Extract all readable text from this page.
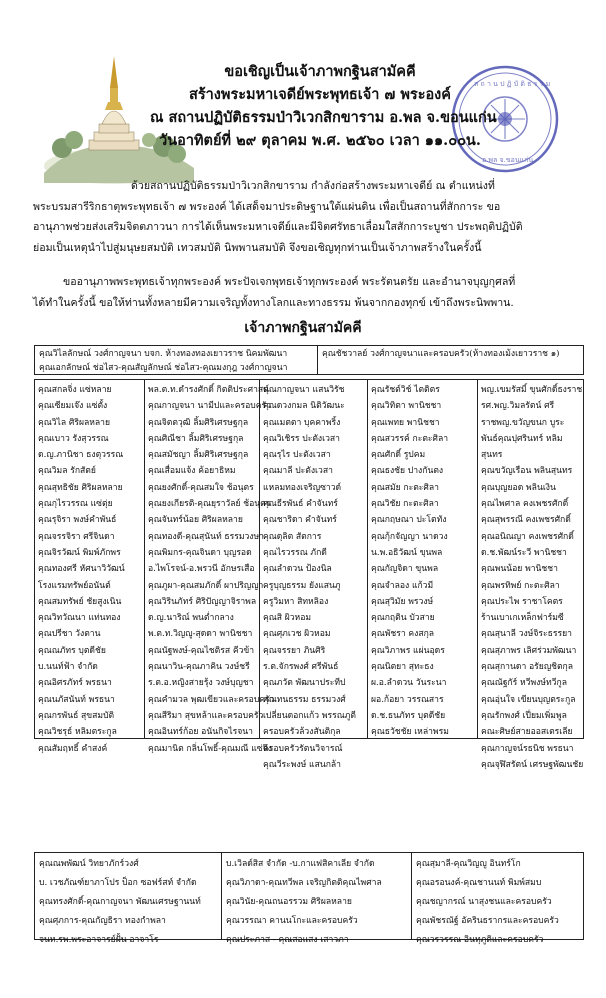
ส ถ า น ป ฏิ บั ติ ธ ร ร ม
อ.พล จ.ขอนแก่น
ขอเชิญเป็นเจ้าภาพกฐินสามัคคี
สร้างพระมหาเจดีย์พระพุทธเจ้า ๗ พระองค์
ณ สถานปฏิบัติธรรมป่าวิเวกสิกขาราม อ.พล จ.ขอนแก่น
วันอาทิตย์ที่ ๒๙ ตุลาคม พ.ศ. ๒๕๖๐ เวลา ๑๑.๐๐น.
ด้วยสถานปฏิบัติธรรมป่าวิเวกสิกขาราม กำลังก่อสร้างพระมหาเจดีย์ ณ ตำแหน่งที่
พระบรมสารีริกธาตุพระพุทธเจ้า ๗ พระองค์ ได้เสด็จมาประดิษฐานใต้แผ่นดิน เพื่อเป็นสถานที่สักการะ ขอ
อานุภาพช่วยส่งเสริมจิตตภาวนา การได้เห็นพระมหาเจดีย์และมีจิตศรัทธาเลื่อมใสสักการะบูชา ประพฤติปฏิบัติ
ย่อมเป็นเหตุนำไปสู่มนุษยสมบัติ เทวสมบัติ นิพพานสมบัติ จึงขอเชิญทุกท่านเป็นเจ้าภาพสร้างในครั้งนี้
ขออานุภาพพระพุทธเจ้าทุกพระองค์ พระปัจเจกพุทธเจ้าทุกพระองค์ พระรัตนตรัย และอำนาจบุญกุศลที่
ได้ทำในครั้งนี้ ขอให้ท่านทั้งหลายมีความเจริญทั้งทางโลกและทางธรรม พ้นจากกองทุกข์ เข้าถึงพระนิพพาน.
เจ้าภาพกฐินสามัคคี
คุณวิไลลักษณ์ วงศ์กาญจนา บจก. ห้างทองทองเยาวราช นิคมพัฒนา
คุณเอกลักษณ์ ช่อไสว-คุณสัญลักษณ์ ช่อไสว-คุณมงกุฎ วงศ์กาญจนา
คุณชัชวาลย์ วงศ์กาญจนาและครอบครัว(ห้างทองเม้งเยาวราช ๑)
คุณสกลจิ่ง แซ่หลาย
คุณเซียมเจ๊ง แซ่ตั้ง
คุณวิไล ศิริผลหลาย
คุณเบาว รังสุวรรณ
ด.ญ.ภานิชา ธงตุวรรณ
คุณวิมล รักสัตย์
คุณสุทธิชัย ศิริผลหลาย
คุณกุไรวรรณ แซ่ตุ่ย
คุณรุจิรา พงษ์คำพันธ์
คุณจรรจิรา ศรีจินดา
คุณจิรวัฒน์ พิมพ์ภักพร
คุณทองศรี หัศนาวิวัฒน์
โรงแรมทรัพย์อนันต์
คุณสมทรัพย์ ชัยสูงเนิน
คุณวิทวัณนา แท่นทอง
คุณปรีชา วังตาน
คุณณภัทร บุตดีชัย
บ.นนท์ฟ้า จำกัด
คุณอิศรภัทร์ พรธนา
คุณนภัสนันท์ พรธนา
คุณกรพันธ์ สุขสมบัติ
คุณวิชรุธ์ หลิมตระกูล
คุณสัมฤทธิ์ คำสงค์
พล.ต.ท.ดำรงศักดิ์ กิตติประศาสน์
คุณกาญจนา นามีปและครอบครัว
คุณจิตตวุฒิ ลิ้มศิริเศรษฐกุล
คุณศิณีชา ลิ้มศิริเศรษฐกุล
คุณสมัชญา ลิ้มศิริเศรษฐกุล
คุณเสื่อมแจ้ง ค้อยาธิหม
คุณยงศักดิ์-คุณสมใจ ช้อนุตร
คุณยงเกียรติ-คุณยุราวัลย์ ช้อนุตร
คุณจันทร์น้อย ศิริผลหลาย
คุณทองดี-คุณสุนันท์ ธรรมวงษา
คุณพิมกร-คุณจินดา บุญรอด
อ.ไพโรจน์-อ.พรวนี อักษรเสือ
คุณภูผา-คุณสมภักดิ์ ผาปริญญา
คุณวิรินภัทร์ ศิริปัญญาจิราพล
ด.ญ.นาริณ์ พนต่ำกลาง
พ.ต.ท.วิญญู-สุดดา พานิชชา
คุณนัฐพงษ์-คุณไชติรส คีวข้า
คุณนาวิน-คุณภาคิน วงษ์ชรี
ร.ต.อ.หญิงสายรุ้ง วงษ์บุญชา
คุณคำมวล พุฒเขียวและครอบครัว
คุณสีริมา สุขหล้าและครอบครัว
คุณอินทร์ก้อย อนันกิจไรจนา
คุณมานิต กลิ่นโพธิ์-คุณมณี แซ่จึง
คุณกาญจนา แสนวิรัช
คุณดวงกมล นิติวัฒนะ
คุณเมตตา บุคคาพริ้ง
คุณวิเชิรร ปะตังเวสา
คุณรุไร ปะตังเวสา
คุณมาลี ปะตังเวสา
แหลมทองเจริญซาวด์
คุณธีรพันธ์ คำจันทร์
คุณชาริดา คำจันทร์
คุณดุลิต สัตการ
คุณไรวรรณ ภักดี
คุณลำดวน ป้องนิล
ครูบุญธรรม ยังแสนภู
ครูวิมหา สิทหลิอง
คุณสิ ผิวหอม
คุณศุภเวช ผิวหอม
คุณจรรยา ภินศิริ
ร.ต.จักรพงศ์ ศรีพันธ์
คุณภวัต พัฒนาประทีป
คุณทนธรรม ธรรมวงศ์
เปลี่ยนดอกแก้ว พรรณภูตี
ครอบครัวล้วงสันติกุล
ครอบครัวรัตนวิจารณ์
คุณวีระพงษ์ แสนกล้า
คุณรัชต์วิช์ ไตติตร
คุณวิทิตา พานิชชา
คุณเพทย พานิชชา
คุณสวรรค์ กะตะศิลา
คุณศักดิ์ รูปคม
คุณธงชัย ปางกันตง
คุณสมัย กะตะศิลา
คุณวิชัย กะตะศิลา
คุณกฤษณา ปะโตทัง
คุณกุ้กจัญญา นาดวง
น.พ.อธิวัฒน์ ขุนพล
คุณกัญจิดา ขุนพล
คุณจำลอง แก้วมี
คุณสุวิมัย พรวงษ์
คุณกฤติน บัวสาย
คุณพัชรา คงสกุล
คุณวิภาพร แผ่นอุดร
คุณนิตยา สุทะธง
ผ.อ.ลำดวน วันระนา
ผอ.ก้อยา วรรณสาร
ด.ช.ธนภัทร บุตดีชัย
คุณธวัชชัย เหล่าพรม
พญ.เขมรัสมิ์ ขุนศักดิ์ธงราช
รศ.พญ.วิมลรัตน์ ศรี
ราชพญ.ขวัญขนก บูระ
พันธ์คุณปุศรินทร์ หลิม
สุนทร
คุณขวัญเรือน พลินสุนทร
คุณบุญยอด พลินเงิน
คุณไพศาล คงเพชรศักดิ์
คุณสุพรรณี คงเพชรศักดิ์
คุณอนิณญา คงเพชรศักดิ์
ด.ช.พัฒน์ระวี พานิชชา
คุณพนน้อย พานิชชา
คุณพรทิพย์ กะตะศิลา
คุณประไพ ราชาโคตร
ร้านเบาเกเหล็กฟาร์มซี
คุณสุนาลี วงษ์จิระธรรยา
คุณสุภาพร เลิศร่วมพัฒนา
คุณสุกานดา อรัยญชิตกุล
คุณณัฐกัร์ หวีพงษ์ทวีกูล
คุณอุ่นใจ เขียนบุญตระกูล
คุณรักพงศ์ เปี่ยมเพิ่มพูล
คณะศิษย์สายออสเตรเลีย
คุณกาญจน์รธนิช พรธนา
คุณจุฬิสรัตน์ เศรษฐพัฒนชัย
คุณณพพัฒน์ วิทยาภักร์วงศ์
บ. เวชภัณฑ์ยาภาโปร ป็อก ซอฟร์สท์ จำกัด
คุณทรงศักดิ์-คุณกาญจนา พัฒนเศรษฐานนท์
คุณศุภการ-คุณกัญธิรา ทองกำพลา
จนท.รพ.พระอาจารย์ฝั้น อาจาโร
บ.เวิลด์สิส จำกัด -บ.กาแฟสิคาเลีย จำกัด
คุณวิภาดา-คุณทวีพล เจริญกิตติคุณไพศาล
คุณวินัย-คุณถนอรรวม ศิริผลหลาย
คุณวรรณา คานนโกะและครอบครัว
คุณประภาส - คุณสอแสง เสาวภา
คุณสุมาลี-คุณวิญญู อินทร์โก
คุณอรอนงค์-คุณชานนท์ พิมพ์สมบ
คุณชญากรณ์ นาสุงชนและครอบครัว
คุณพัชรณัฐ์ อัครินธรากรและครอบครัว
คุณวรวรรณ อินทุภูติและครอบครัว
